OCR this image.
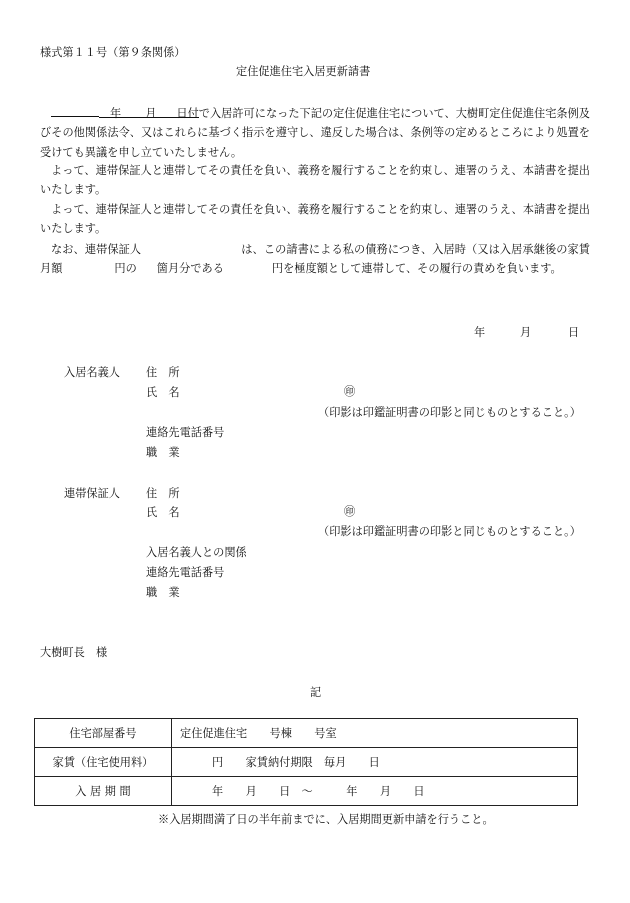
様式第１１号（第９条関係）
定住促進住宅入居更新請書
年 月 日付で入居許可になった下記の定住促進住宅について、大樹町定住促進住宅条例及びその他関係法令、又はこれらに基づく指示を遵守し、違反した場合は、条例等の定めるところにより処置を受けても異議を申し立ていたしません。
よって、連帯保証人と連帯してその責任を負い、義務を履行することを約束し、連署のうえ、本請書を提出いたします。
よって、連帯保証人と連帯してその責任を負い、義務を履行することを約束し、連署のうえ、本請書を提出いたします。
なお、連帯保証人	は、この請書による私の債務につき、入居時（又は入居承継後の家賃月額	円の 箇月分である	円を極度額として連帯して、その履行の責めを負います。
年	月	日
入居名義人 住　所
氏　名	㊞
（印影は印鑑証明書の印影と同じものとすること。）
連絡先電話番号
職　業
連帯保証人 住　所
氏　名	㊞
（印影は印鑑証明書の印影と同じものとすること。）
入居名義人との関係
連絡先電話番号
職　業
大樹町長　様
記
住宅部屋番号	定住促進住宅　　号棟　　号室
家賃（住宅使用料）	円　　家賃納付期限　毎月　　日
入 居 期 間	年　　月　　日　〜　　　年　　月　　日
※入居期間満了日の半年前までに、入居期間更新申請を行うこと。
